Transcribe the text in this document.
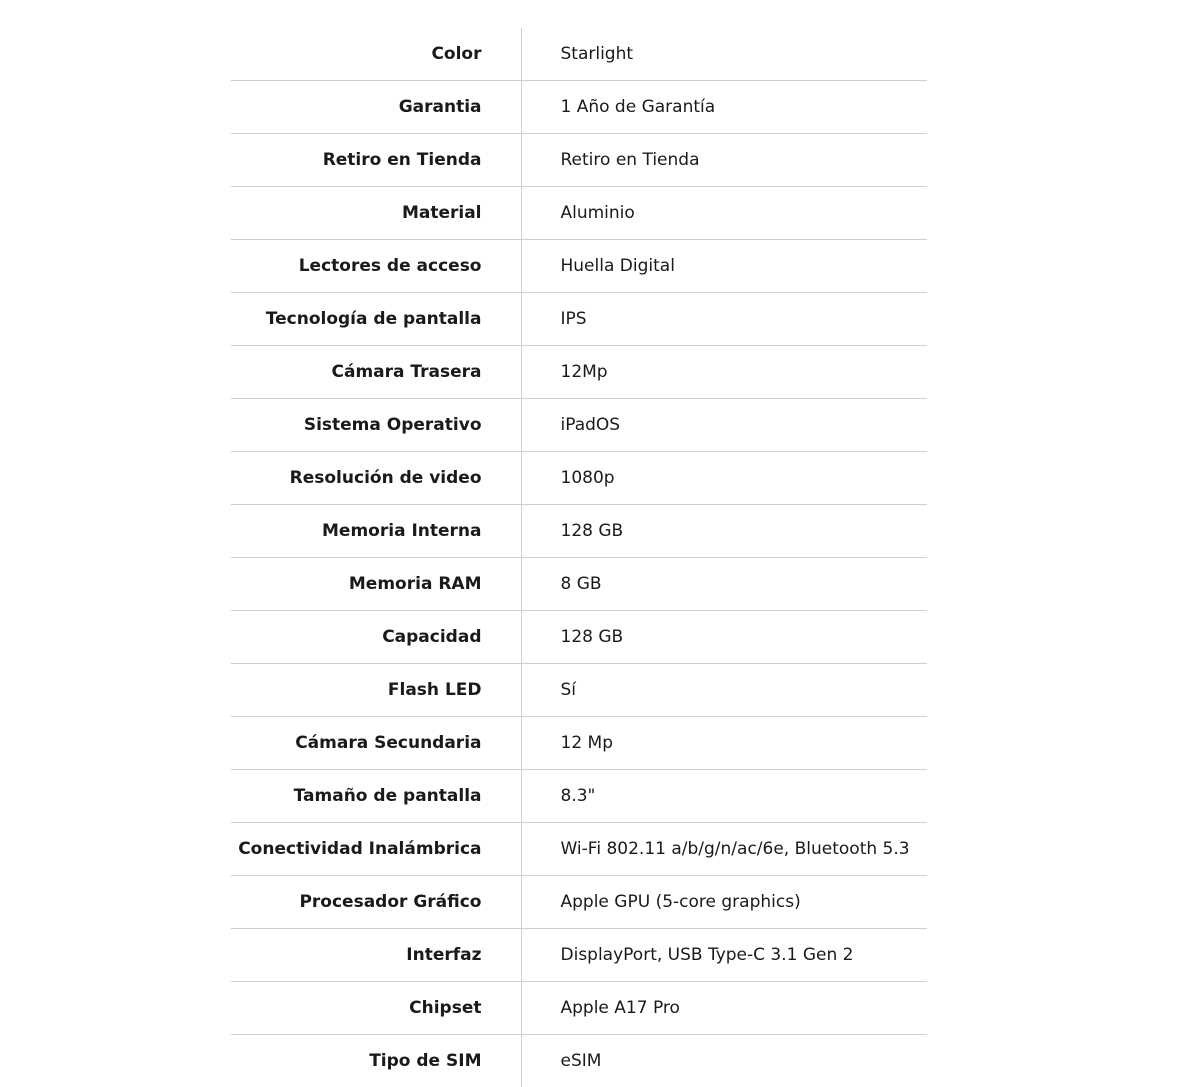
Color	Starlight
Garantia	1 Año de Garantía
Retiro en Tienda	Retiro en Tienda
Material	Aluminio
Lectores de acceso	Huella Digital
Tecnología de pantalla	IPS
Cámara Trasera	12Mp
Sistema Operativo	iPadOS
Resolución de video	1080p
Memoria Interna	128 GB
Memoria RAM	8 GB
Capacidad	128 GB
Flash LED	Sí
Cámara Secundaria	12 Mp
Tamaño de pantalla	8.3"
Conectividad Inalámbrica	Wi-Fi 802.11 a/b/g/n/ac/6e, Bluetooth 5.3
Procesador Gráfico	Apple GPU (5-core graphics)
Interfaz	DisplayPort, USB Type-C 3.1 Gen 2
Chipset	Apple A17 Pro
Tipo de SIM	eSIM
